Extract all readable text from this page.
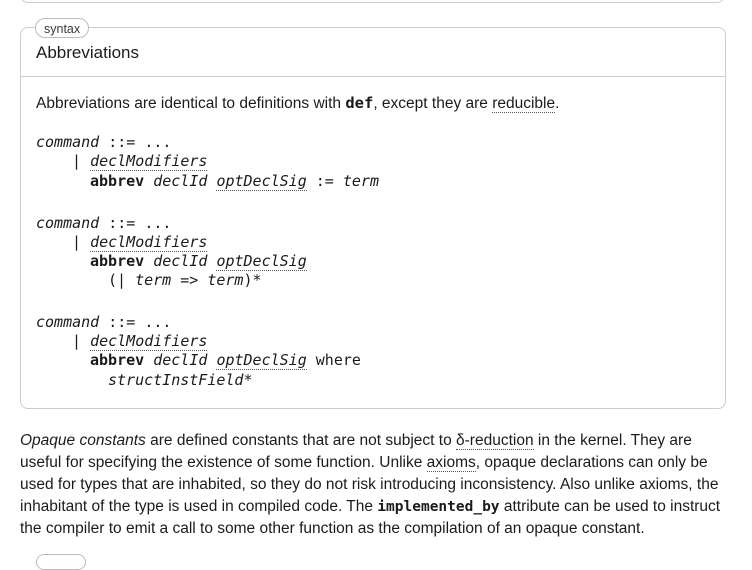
syntax
Abbreviations
Abbreviations are identical to definitions with def, except they are reducible.
command ::= ...
| declModifiers
abbrev declId optDeclSig := term
command ::= ...
| declModifiers
abbrev declId optDeclSig
(| term => term)*
command ::= ...
| declModifiers
abbrev declId optDeclSig where
structInstField*
Opaque constants are defined constants that are not subject to δ-reduction in the kernel. They are useful for specifying the existence of some function. Unlike axioms, opaque declarations can only be used for types that are inhabited, so they do not risk introducing inconsistency. Also unlike axioms, the inhabitant of the type is used in compiled code. The implemented_by attribute can be used to instruct the compiler to emit a call to some other function as the compilation of an opaque constant.
